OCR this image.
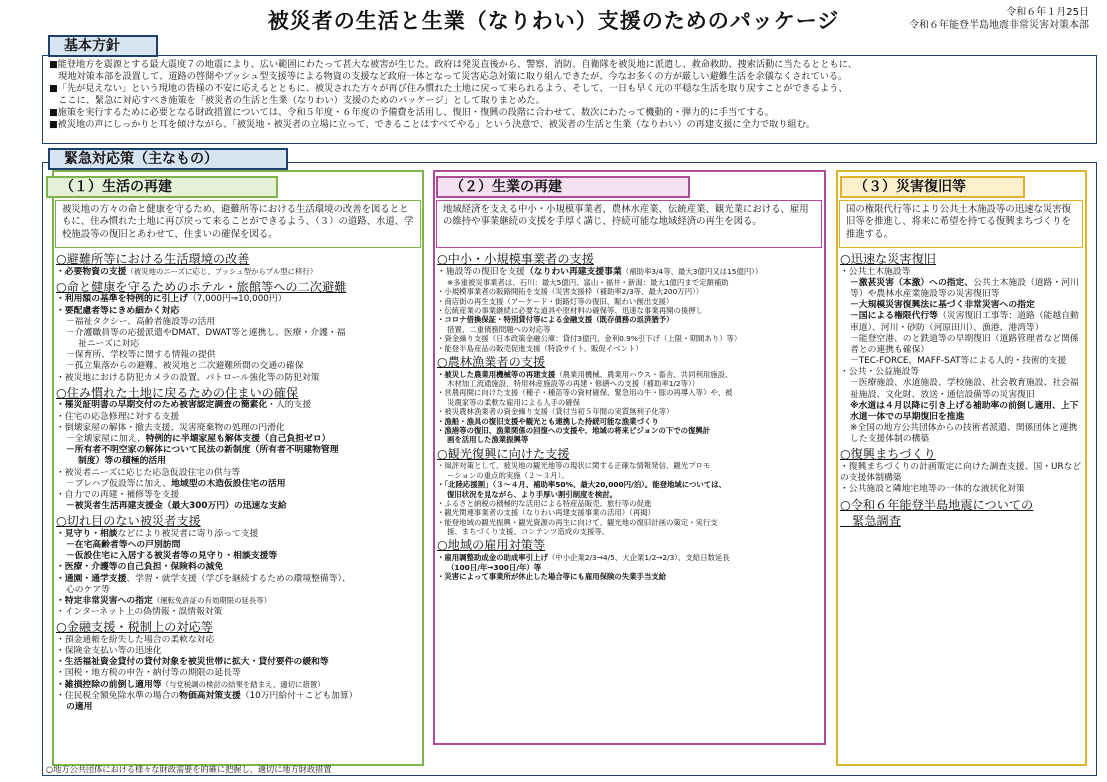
被災者の生活と生業（なりわい）支援のためのパッケージ	令和６年１月25日
令和６年能登半島地震非常災害対策本部

■能登地方を震源とする最大震度７の地震により、広い範囲にわたって甚大な被害が生じた。政府は発災直後から、警察、消防、自衛隊を被災地に派遣し、救命救助、捜索活動に当たるとともに、

　現地対策本部を設置して、道路の啓開やプッシュ型支援等による物資の支援など政府一体となって災害応急対策に取り組んできたが、今なお多くの方が厳しい避難生活を余儀なくされている。

■「先が見えない」という現地の皆様の不安に応えるとともに、被災された方々が再び住み慣れた土地に戻って来られるよう、そして、一日も早く元の平穏な生活を取り戻すことができるよう、

　ここに、緊急に対応すべき施策を「被災者の生活と生業（なりわい）支援のためのパッケージ」として取りまとめた。

■施策を実行するために必要となる財政措置については、令和５年度・６年度の予備費を活用し、復旧・復興の段階に合わせて、数次にわたって機動的・弾力的に手当てする。

■被災地の声にしっかりと耳を傾けながら、「被災地・被災者の立場に立って、できることはすべてやる」という決意で、被災者の生活と生業（なりわい）の再建支援に全力で取り組む。

基本方針
緊急対応策（主なもの）
（１）生活の再建	（２）生業の再建	（３）災害復旧等
被災地の方々の命と健康を守るため、避難所等における生活環境の改善を図るとともに、住み慣れた土地に再び戻って来ることができるよう、（３）の道路、水道、学校施設等の復旧とあわせて、住まいの確保を図る。
地域経済を支える中小・小規模事業者、農林水産業、伝統産業、観光業における、雇用の維持や事業継続の支援を手厚く講じ、持続可能な地域経済の再生を図る。
国の権限代行等により公共土木施設等の迅速な災害復旧等を推進し、将来に希望を持てる復興まちづくりを推進する。
○避難所等における生活環境の改善
・必要物資の支援（被災地のニーズに応じ、プッシュ型からプル型に移行）
○命と健康を守るためのホテル・旅館等への二次避難
・利用額の基準を特例的に引上げ（7,000円⇒10,000円）
・要配慮者等にきめ細かく対応
－福祉タクシー、高齢者施設等の活用
－介護職員等の応援派遣やDMAT、DWAT等と連携し、医療・介護・福
祉ニーズに対応
－保育所、学校等に関する情報の提供
－孤立集落からの避難、被災地と二次避難所間の交通の確保
・被災地における防犯カメラの設置、パトロール強化等の防犯対策
○住み慣れた土地に戻るための住まいの確保
・罹災証明書の早期交付のため被害認定調査の簡素化・人的支援
・住宅の応急修理に対する支援
・倒壊家屋の解体・撤去支援、災害廃棄物の処理の円滑化
－全壊家屋に加え、特例的に半壊家屋も解体支援（自己負担ゼロ）
－所有者不明空家の解体について民法の新制度（所有者不明建物管理
制度）等の積極的活用
・被災者ニーズに応じた応急仮設住宅の供与等
－プレハブ仮設等に加え、地域型の木造仮設住宅の活用
・自力での再建・補修等を支援
－被災者生活再建支援金（最大300万円）の迅速な支給
○切れ目のない被災者支援
・見守り・相談などにより被災者に寄り添って支援
－在宅高齢者等への戸別訪問
－仮設住宅に入居する被災者等の見守り・相談支援等
・医療・介護等の自己負担・保険料の減免
・通園・通学支援、学習・就学支援（学びを継続するための環境整備等）、
心のケア等
・特定非常災害への指定（運転免許証の有効期限の延長等）
・インターネット上の偽情報・誤情報対策
○金融支援・税制上の対応等
・預金通帳を紛失した場合の柔軟な対応
・保険金支払い等の迅速化
・生活福祉資金貸付の貸付対象を被災世帯に拡大・貸付要件の緩和等
・国税・地方税の申告・納付等の期限の延長等
・雑損控除の前倒し適用等（与党税調の検討の結果を踏まえ、適切に措置）
・住民税全額免除水準の場合の物価高対策支援（10万円給付＋こども加算）
の適用
○中小・小規模事業者の支援
・施設等の復旧を支援（なりわい再建支援事業（補助率3/4等、最大3億円又は15億円））
※多重被災事業者は、石川：最大5億円、富山・福井・新潟：最大1億円まで定額補助
・小規模事業者の販路開拓を支援（災害支援枠（補助率2/3等、最大200万円））
・商店街の再生支援（アーケード・街路灯等の復旧、賑わい創出支援）
・伝統産業の事業継続に必要な道具や原材料の確保等、迅速な事業再開の後押し
・コロナ借換保証・特別貸付等による金融支援（既存債務の返済猶予）
措置、二重債務問題への対応等
・資金繰り支援（日本政策金融公庫：貸付3億円、金利0.9%引下げ（上限・期間あり）等）
・能登半島産品の販売促進支援（特設サイト、販促イベント）
○農林漁業者の支援
・被災した農業用機械等の再建支援（農業用機械、農業用ハウス・畜舎、共同利用施設、
木材加工流通施設、特用林産施設等の再建・修繕への支援（補助率1/2等））
・営農再開に向けた支援（種子・種苗等の資材確保、緊急用の牛・豚の再導入等）や、被
災農家等の柔軟な雇用による人手の確保
・被災農林漁業者の資金繰り支援（貸付当初５年間の実質無利子化等）
・漁船・漁具の復旧支援や観光とも連携した持続可能な漁業づくり
・漁港等の復旧、漁業関係の回復への支援や、地域の将来ビジョンの下での復興計
画を活用した漁業振興等
○観光復興に向けた支援
・風評対策として、被災地の観光地等の現状に関する正確な情報発信、観光プロモ
ーションの重点的実施（２～３月）。
・「北陸応援割」（３～４月、補助率50%、最大20,000円/泊）。能登地域については、
復旧状況を見ながら、より手厚い割引制度を検討。
・ふるさと納税の積極的な活用による特産品販売、旅行等の促進
・観光関連事業者の支援（なりわい再建支援事業の活用）（再掲）
・能登地域の観光振興・観光資源の再生に向けて、観光地の復旧計画の策定・実行支
援、まちづくり支援、コンテンツ造成の支援等。
○地域の雇用対策等
・雇用調整助成金の助成率引上げ（中小企業2/3→4/5、大企業1/2→2/3）、支給日数延長
（100日/年→300日/年）等
・災害によって事業所が休止した場合等にも雇用保険の失業手当支給
○迅速な災害復旧
・公共土木施設等
－激甚災害（本激）への指定、公共土木施設（道路・河川等）や農林水産業施設等の災害復旧等
－大規模災害復興法に基づく非常災害への指定
－国による権限代行等（災害復旧工事等：道路（能越自動車道）、河川・砂防（河原田川）、漁港、港湾等）
－能登空港、のと鉄道等の早期復旧（道路管理者など関係者との連携も確保）
－TEC-FORCE、MAFF-SAT等による人的・技術的支援
・公共・公益施設等
－医療施設、水道施設、学校施設、社会教育施設、社会福祉施設、文化財、放送・通信設備等の災害復旧
※水道は４月以降に引き上げる補助率の前倒し適用、上下水道一体での早期復旧を推進
※全国の地方公共団体からの技術者派遣、関係団体と連携した支援体制の構築
○復興まちづくり
・復興まちづくりの計画策定に向けた調査支援、国・URなどの支援体制構築
・公共施設と隣地宅地等の一体的な液状化対策
○令和６年能登半島地震についての
　緊急調査
○地方公共団体における様々な財政需要を的確に把握し、適切に地方財政措置
